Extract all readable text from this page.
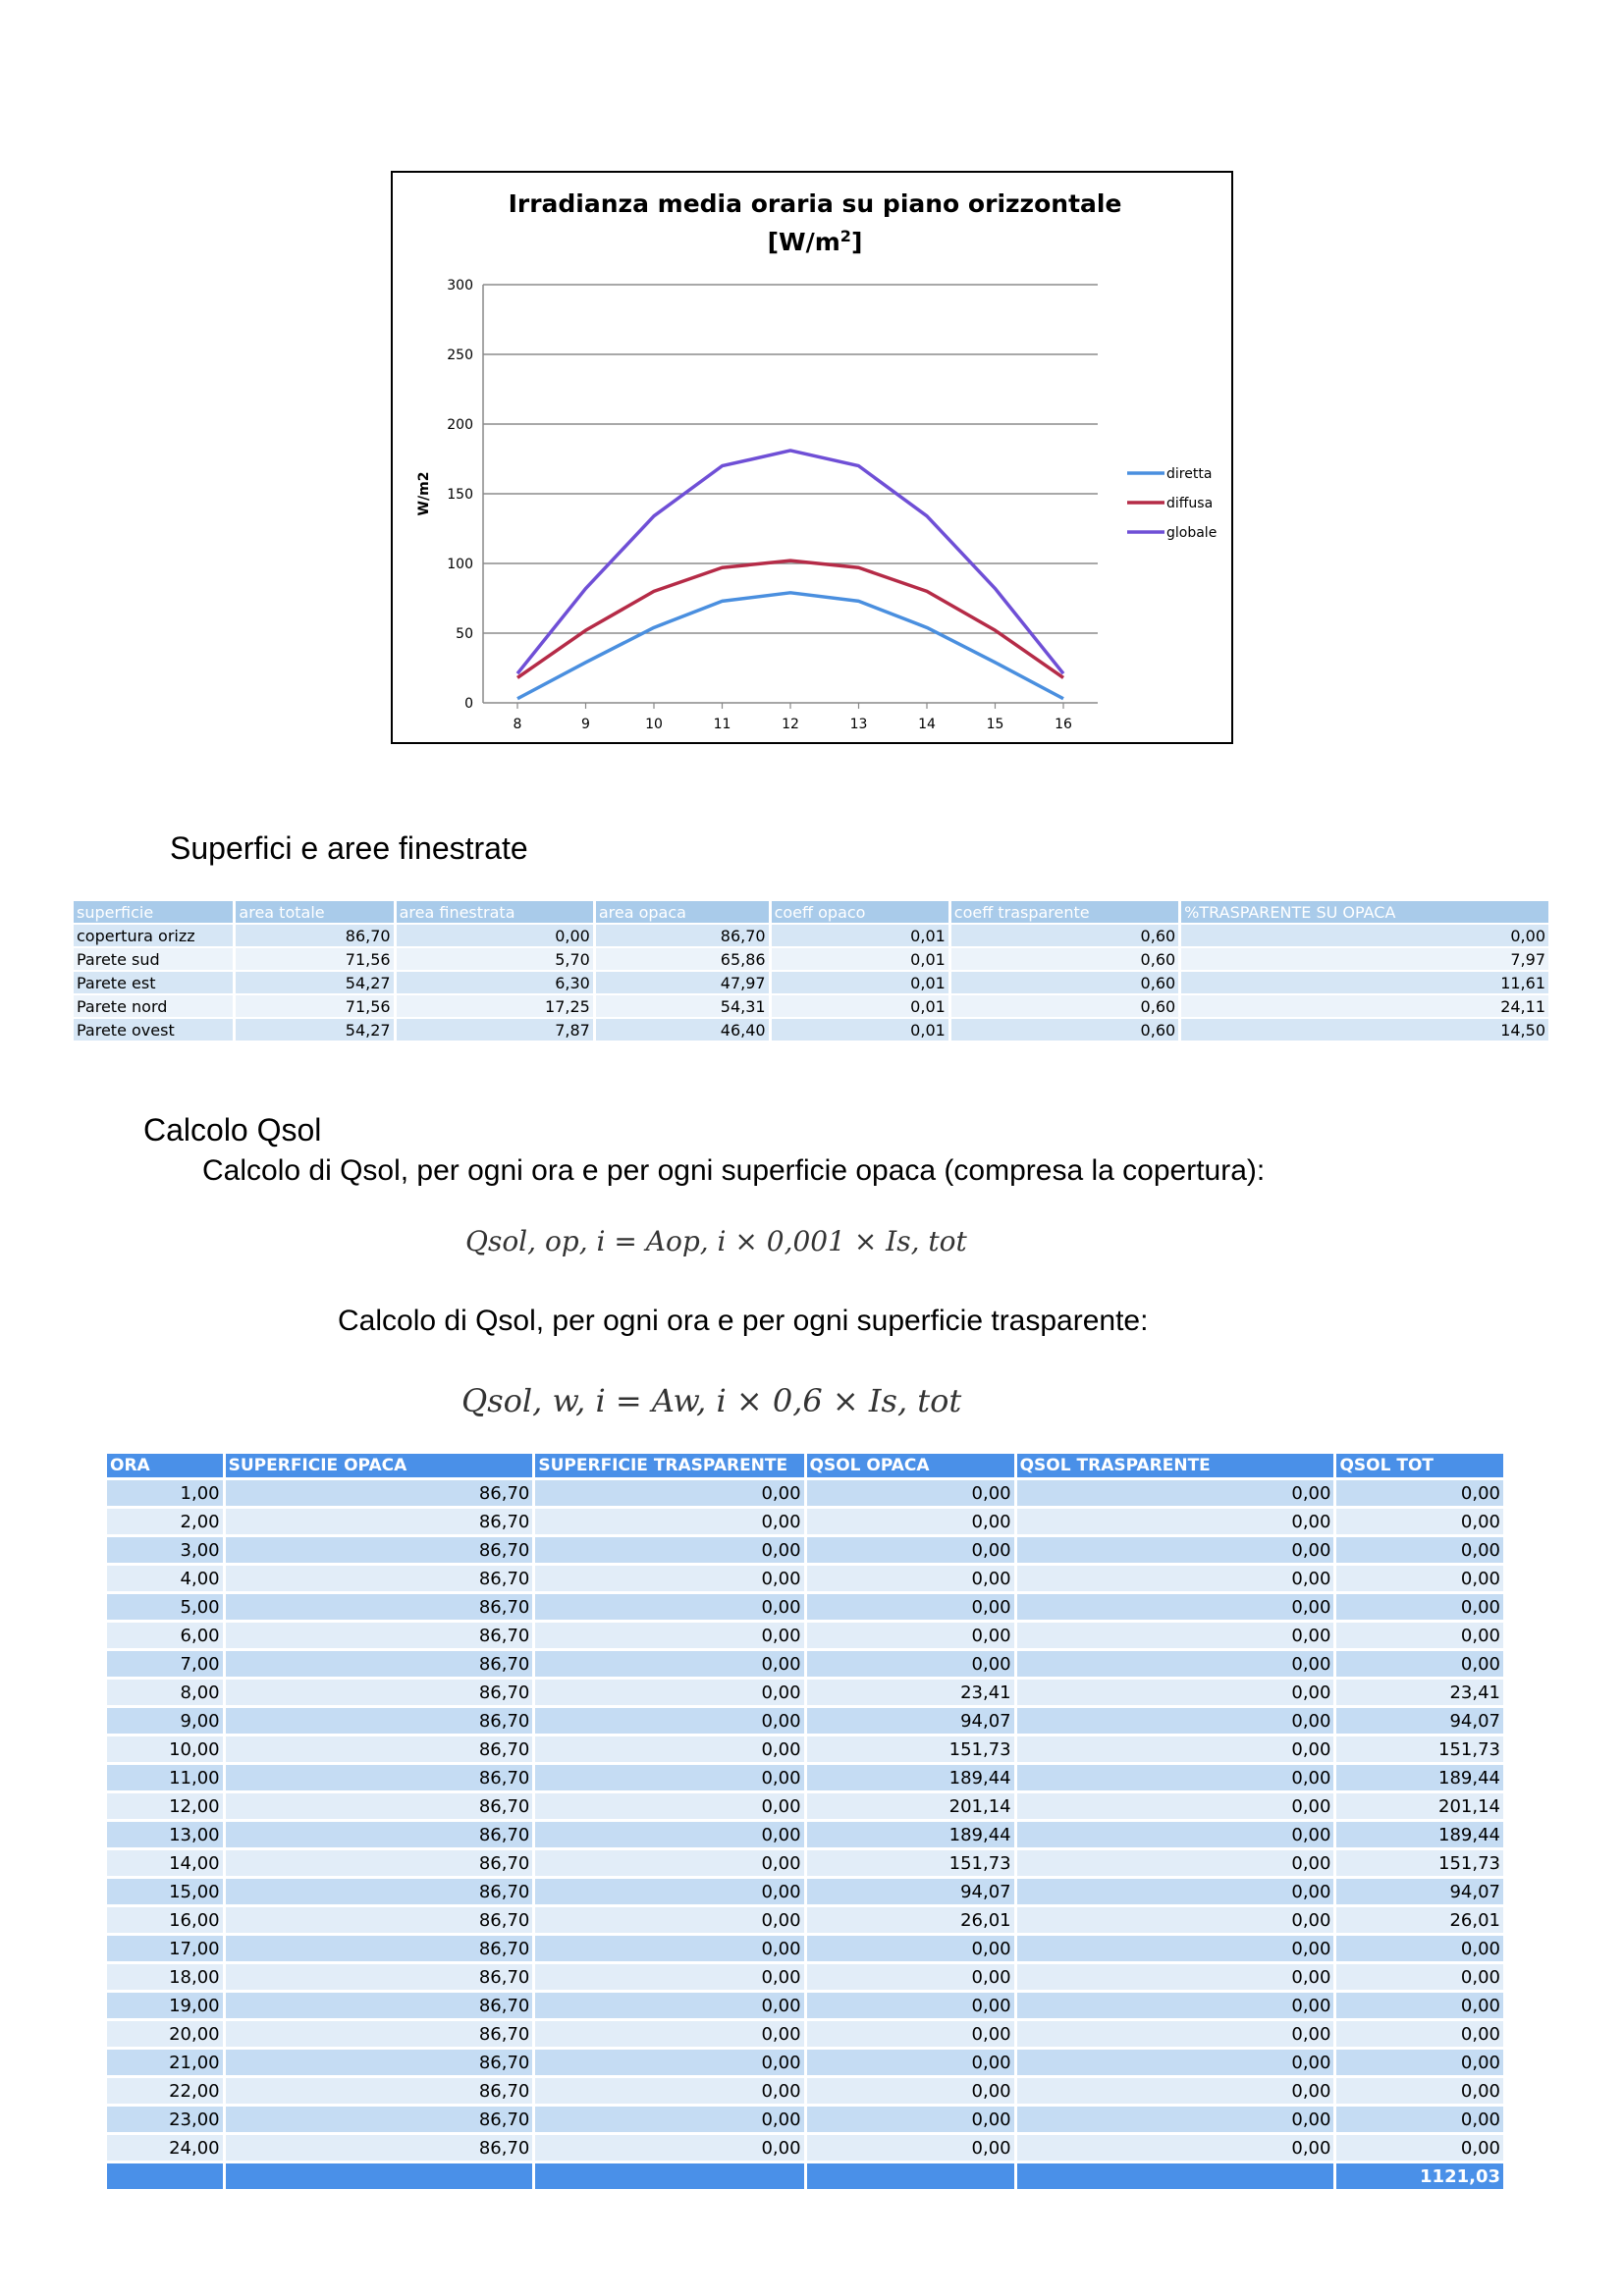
Irradianza media oraria su piano orizzontale
$[W/m^2]$
0
50
100
150
200
250
300
8	9	10	11	12	13	14	15	16
W/m2	diretta
diffusa
globale
Superfici e aree finestrate
superficie	area totale	area finestrata	area opaca	coeff opaco	coeff trasparente	%TRASPARENTE SU OPACA
copertura orizz	86,70	0,00	86,70	0,01	0,60	0,00
Parete sud	71,56	5,70	65,86	0,01	0,60	7,97
Parete est	54,27	6,30	47,97	0,01	0,60	11,61
Parete nord	71,56	17,25	54,31	0,01	0,60	24,11
Parete ovest	54,27	7,87	46,40	0,01	0,60	14,50
Calcolo Qsol
Calcolo di Qsol, per ogni ora e per ogni superficie opaca (compresa la copertura):
Qsol, op, i = Aop, i × 0,001 × Is, tot
Calcolo di Qsol, per ogni ora e per ogni superficie trasparente:
Qsol, w, i = Aw, i × 0,6 × Is, tot
ORA	SUPERFICIE OPACA	SUPERFICIE TRASPARENTE	QSOL OPACA	QSOL TRASPARENTE	QSOL TOT
1,00	86,70	0,00	0,00	0,00	0,00
2,00	86,70	0,00	0,00	0,00	0,00
3,00	86,70	0,00	0,00	0,00	0,00
4,00	86,70	0,00	0,00	0,00	0,00
5,00	86,70	0,00	0,00	0,00	0,00
6,00	86,70	0,00	0,00	0,00	0,00
7,00	86,70	0,00	0,00	0,00	0,00
8,00	86,70	0,00	23,41	0,00	23,41
9,00	86,70	0,00	94,07	0,00	94,07
10,00	86,70	0,00	151,73	0,00	151,73
11,00	86,70	0,00	189,44	0,00	189,44
12,00	86,70	0,00	201,14	0,00	201,14
13,00	86,70	0,00	189,44	0,00	189,44
14,00	86,70	0,00	151,73	0,00	151,73
15,00	86,70	0,00	94,07	0,00	94,07
16,00	86,70	0,00	26,01	0,00	26,01
17,00	86,70	0,00	0,00	0,00	0,00
18,00	86,70	0,00	0,00	0,00	0,00
19,00	86,70	0,00	0,00	0,00	0,00
20,00	86,70	0,00	0,00	0,00	0,00
21,00	86,70	0,00	0,00	0,00	0,00
22,00	86,70	0,00	0,00	0,00	0,00
23,00	86,70	0,00	0,00	0,00	0,00
24,00	86,70	0,00	0,00	0,00	0,00
					1121,03
